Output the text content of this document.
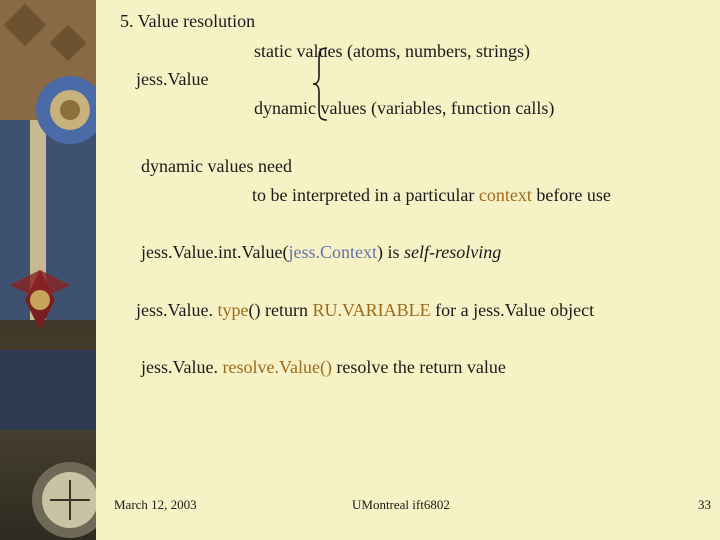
5. Value resolution
jess.Value
static values (atoms, numbers, strings)
dynamic values (variables, function calls)
dynamic values need
to be interpreted in a particular context before use
jess.Value.int.Value(jess.Context) is self-resolving
jess.Value. type() return RU.VARIABLE for a jess.Value object
jess.Value. resolve.Value() resolve the return value
March 12, 2003	UMontreal ift6802	33
